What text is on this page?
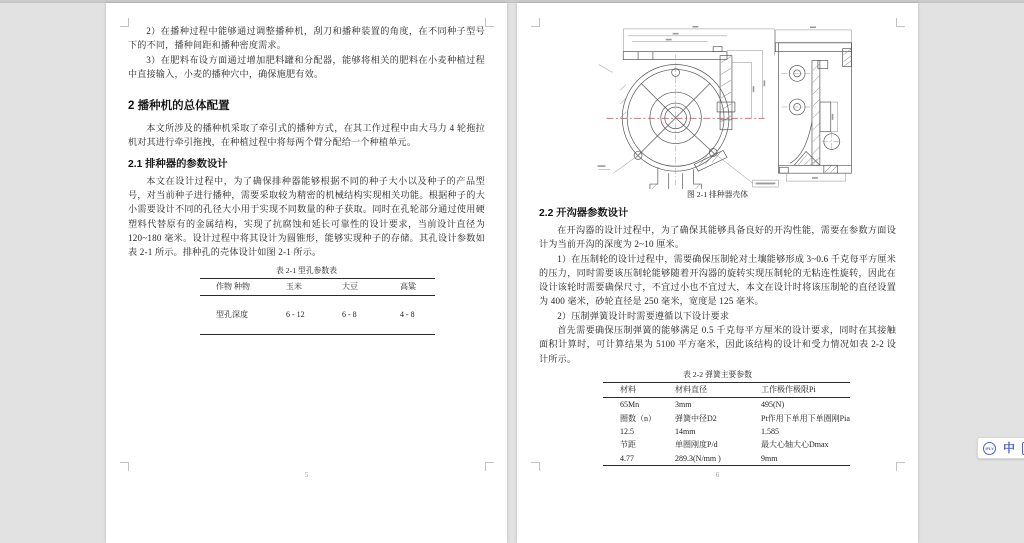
2）在播种过程中能够通过调整播种机，刮刀和播种装置的角度，在不同种子型号下的不同，播种间距和播种密度需求。

3）在肥料布设方面通过增加肥料罐和分配器，能够将相关的肥料在小麦种植过程中直接输入，小麦的播种穴中，确保施肥有效。

2 播种机的总体配置

本文所涉及的播种机采取了牵引式的播种方式，在其工作过程中由大马力 4 轮拖拉机对其进行牵引拖拽，在种植过程中将每两个臂分配给一个种植单元。

2.1 排种器的参数设计

本文在设计过程中，为了确保排种器能够根据不同的种子大小以及种子的产品型号，对当前种子进行播种，需要采取较为精密的机械结构实现相关功能。根据种子的大小需要设计不同的孔径大小用于实现不同数量的种子获取。同时在孔轮部分通过使用硬塑料代替原有的金属结构，实现了抗腐蚀和延长可靠性的设计要求，当前设计直径为 120~180 毫米。设计过程中将其设计为圆锥形，能够实现种子的存储。其孔设计参数如表 2-1 所示。排种孔的壳体设计如图 2-1 所示。

表 2-1 型孔参数表
作物 种物	玉米	大豆	高粱
型孔深度	6 - 12	6 - 8	4 - 8
5
图 2-1 排种器壳体
2.2 开沟器参数设计

在开沟器的设计过程中，为了确保其能够具备良好的开沟性能，需要在参数方面设计为当前开沟的深度为 2~10 厘米。

1）在压制轮的设计过程中，需要确保压制轮对土壤能够形成 3~0.6 千克每平方厘米的压力，同时需要该压制轮能够随着开沟器的旋转实现压制轮的无粘连性旋转，因此在设计该轮时需要确保尺寸，不宜过小也不宜过大，本文在设计时将该压制轮的直径设置为 400 毫米，砂轮直径是 250 毫米，宽度是 125 毫米。

2）压制弹簧设计时需要遵循以下设计要求

首先需要确保压制弹簧的能够满足 0.5 千克每平方厘米的设计要求，同时在其接触面积计算时，可计算结果为 5100 平方毫米，因此该结构的设计和受力情况如表 2-2 设计所示。

表 2-2 弹簧主要参数
材料	材料直径	工作极作极限Pi
65Mn	3mm	495(N)
圈数（n）	弹簧中径D2	Pt作用下单用下单圈刚Pia
12.5	14mm	1.585
节距	单圈刚度P/d	最大心轴大心Dmax
4.77	289.3(N/mm )	9mm
6
iFLY 中
